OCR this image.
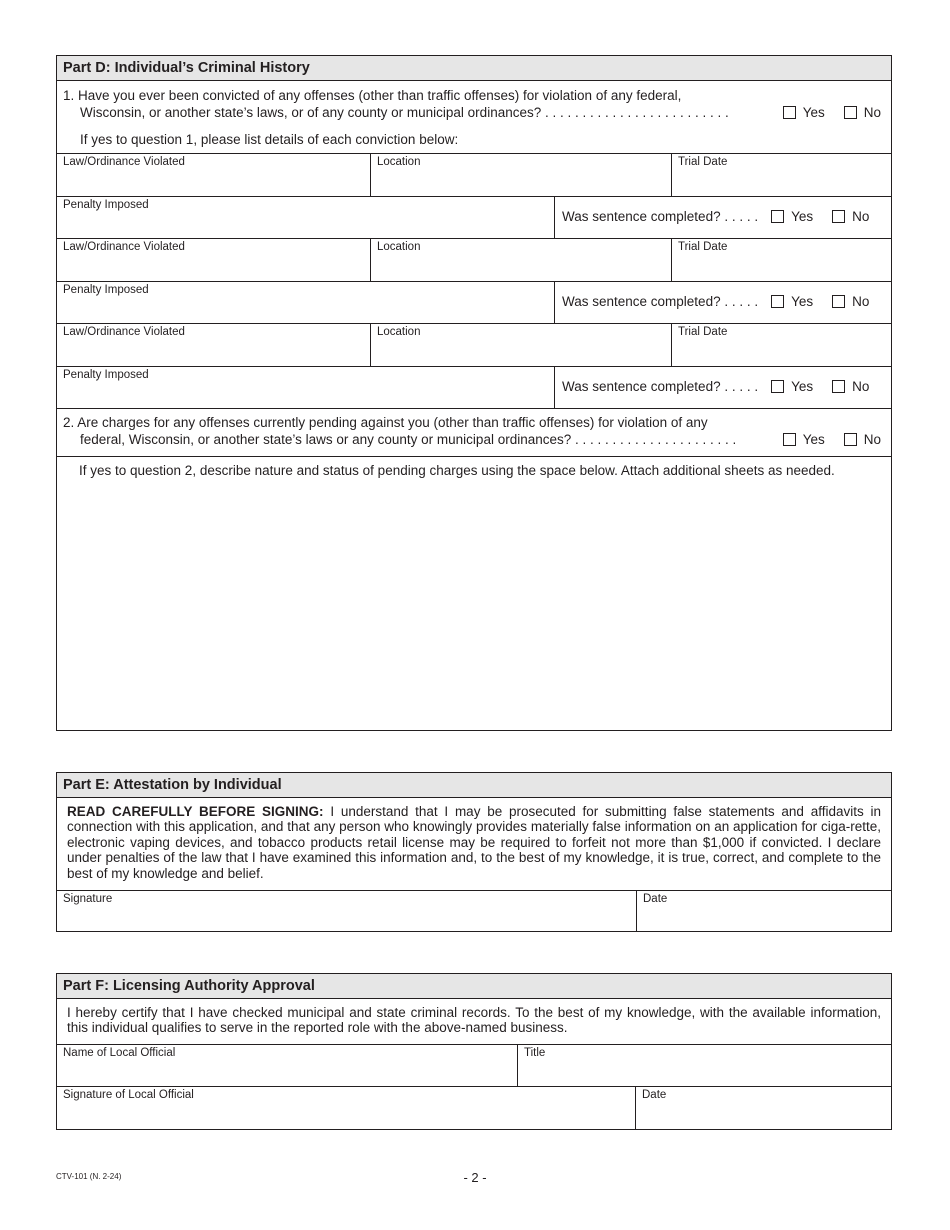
Part D: Individual’s Criminal History
1. Have you ever been convicted of any offenses (other than traffic offenses) for violation of any federal,
Wisconsin, or another state’s laws, or of any county or municipal ordinances? . . . . . . . . . . . . . . . . . . . . . . . . .
If yes to question 1, please list details of each conviction below:
Yes	No
Law/Ordinance Violated	Location	Trial Date
Penalty Imposed
Was sentence completed? . . . . . Yes	No
Law/Ordinance Violated	Location	Trial Date
Penalty Imposed
Was sentence completed? . . . . . Yes	No
Law/Ordinance Violated	Location	Trial Date
Penalty Imposed
Was sentence completed? . . . . . Yes	No
2. Are charges for any offenses currently pending against you (other than traffic offenses) for violation of any
federal, Wisconsin, or another state’s laws or any county or municipal ordinances? . . . . . . . . . . . . . . . . . . . . . .	Yes	No
If yes to question 2, describe nature and status of pending charges using the space below. Attach additional sheets as needed.
Part E: Attestation by Individual
READ CAREFULLY BEFORE SIGNING: I understand that I may be prosecuted for submitting false statements and affidavits in connection with this application, and that any person who knowingly provides materially false information on an application for ciga-rette, electronic vaping devices, and tobacco products retail license may be required to forfeit not more than $1,000 if convicted. I declare under penalties of the law that I have examined this information and, to the best of my knowledge, it is true, correct, and complete to the best of my knowledge and belief.
Signature	Date
Part F: Licensing Authority Approval
I hereby certify that I have checked municipal and state criminal records. To the best of my knowledge, with the available information, this individual qualifies to serve in the reported role with the above-named business.
Name of Local Official	Title
Signature of Local Official	Date
CTV-101 (N. 2-24)	- 2 -
